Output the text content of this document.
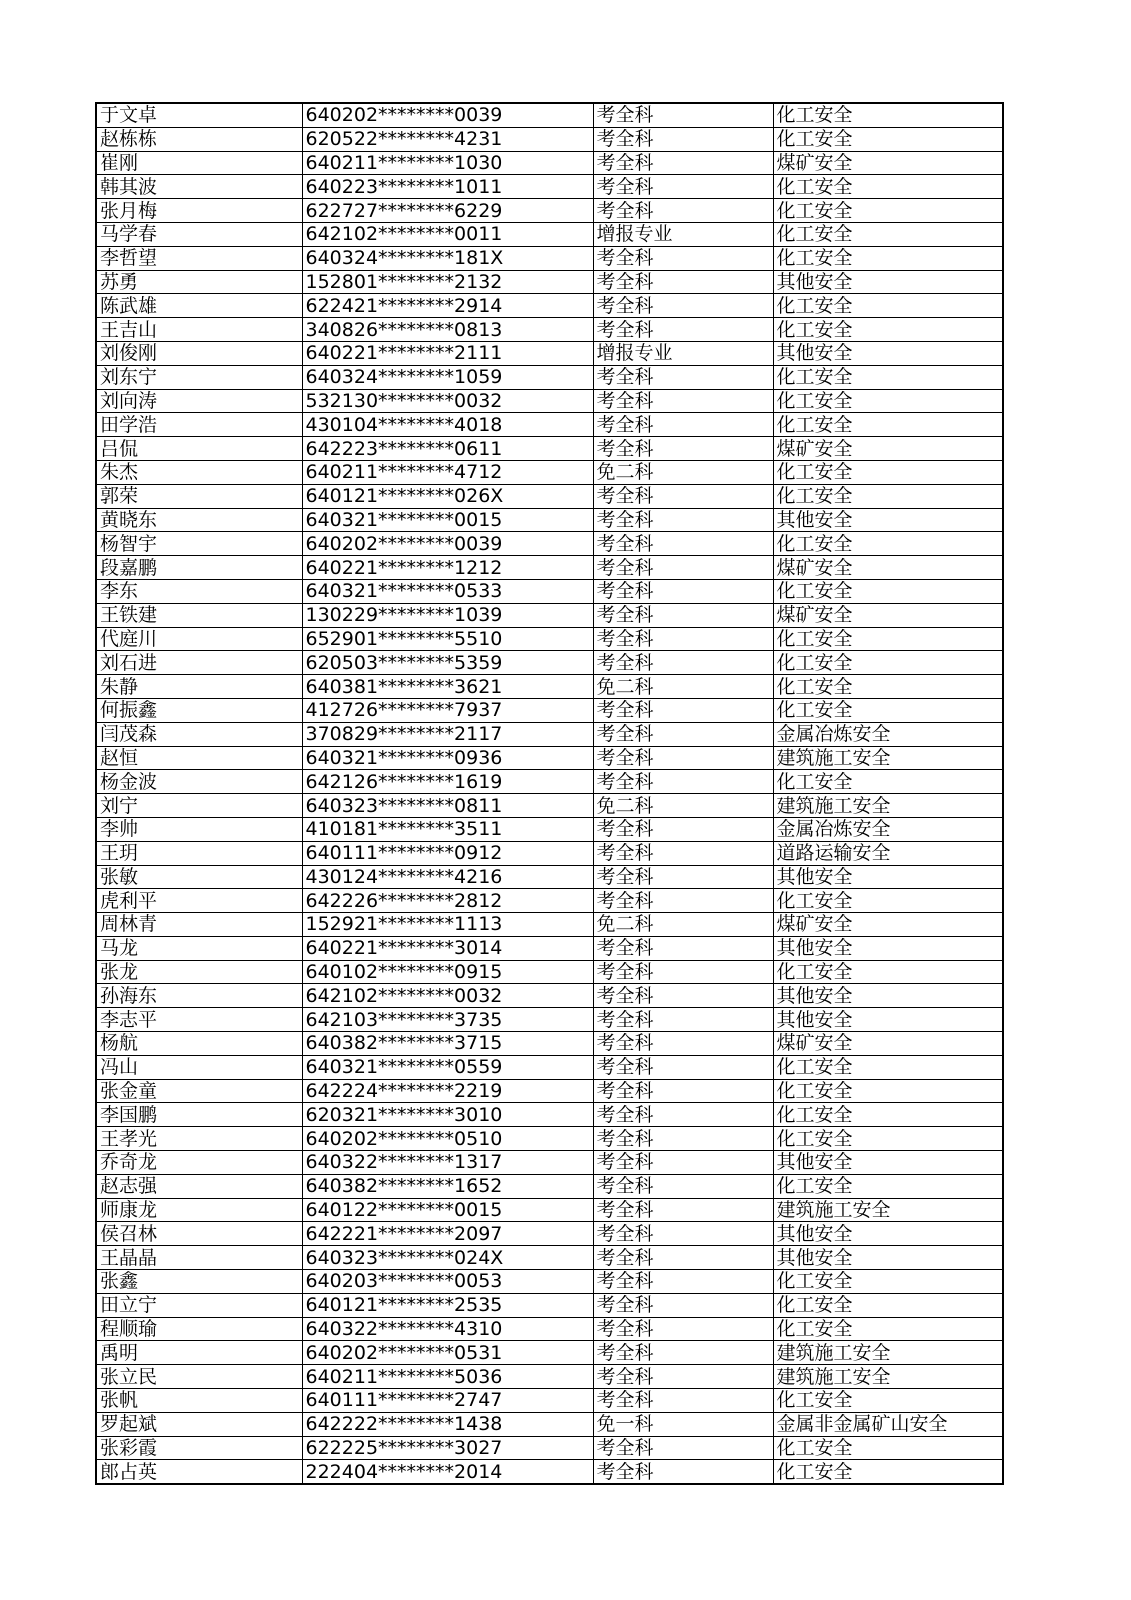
于文卓	640202********0039	考全科	化工安全
赵栋栋	620522********4231	考全科	化工安全
崔刚	640211********1030	考全科	煤矿安全
韩其波	640223********1011	考全科	化工安全
张月梅	622727********6229	考全科	化工安全
马学春	642102********0011	增报专业	化工安全
李哲望	640324********181X	考全科	化工安全
苏勇	152801********2132	考全科	其他安全
陈武雄	622421********2914	考全科	化工安全
王吉山	340826********0813	考全科	化工安全
刘俊刚	640221********2111	增报专业	其他安全
刘东宁	640324********1059	考全科	化工安全
刘向涛	532130********0032	考全科	化工安全
田学浩	430104********4018	考全科	化工安全
吕侃	642223********0611	考全科	煤矿安全
朱杰	640211********4712	免二科	化工安全
郭荣	640121********026X	考全科	化工安全
黄晓东	640321********0015	考全科	其他安全
杨智宇	640202********0039	考全科	化工安全
段嘉鹏	640221********1212	考全科	煤矿安全
李东	640321********0533	考全科	化工安全
王铁建	130229********1039	考全科	煤矿安全
代庭川	652901********5510	考全科	化工安全
刘石进	620503********5359	考全科	化工安全
朱静	640381********3621	免二科	化工安全
何振鑫	412726********7937	考全科	化工安全
闫茂森	370829********2117	考全科	金属冶炼安全
赵恒	640321********0936	考全科	建筑施工安全
杨金波	642126********1619	考全科	化工安全
刘宁	640323********0811	免二科	建筑施工安全
李帅	410181********3511	考全科	金属冶炼安全
王玥	640111********0912	考全科	道路运输安全
张敏	430124********4216	考全科	其他安全
虎利平	642226********2812	考全科	化工安全
周林青	152921********1113	免二科	煤矿安全
马龙	640221********3014	考全科	其他安全
张龙	640102********0915	考全科	化工安全
孙海东	642102********0032	考全科	其他安全
李志平	642103********3735	考全科	其他安全
杨航	640382********3715	考全科	煤矿安全
冯山	640321********0559	考全科	化工安全
张金童	642224********2219	考全科	化工安全
李国鹏	620321********3010	考全科	化工安全
王孝光	640202********0510	考全科	化工安全
乔奇龙	640322********1317	考全科	其他安全
赵志强	640382********1652	考全科	化工安全
师康龙	640122********0015	考全科	建筑施工安全
侯召林	642221********2097	考全科	其他安全
王晶晶	640323********024X	考全科	其他安全
张鑫	640203********0053	考全科	化工安全
田立宁	640121********2535	考全科	化工安全
程顺瑜	640322********4310	考全科	化工安全
禹明	640202********0531	考全科	建筑施工安全
张立民	640211********5036	考全科	建筑施工安全
张帆	640111********2747	考全科	化工安全
罗起斌	642222********1438	免一科	金属非金属矿山安全
张彩霞	622225********3027	考全科	化工安全
郎占英	222404********2014	考全科	化工安全
